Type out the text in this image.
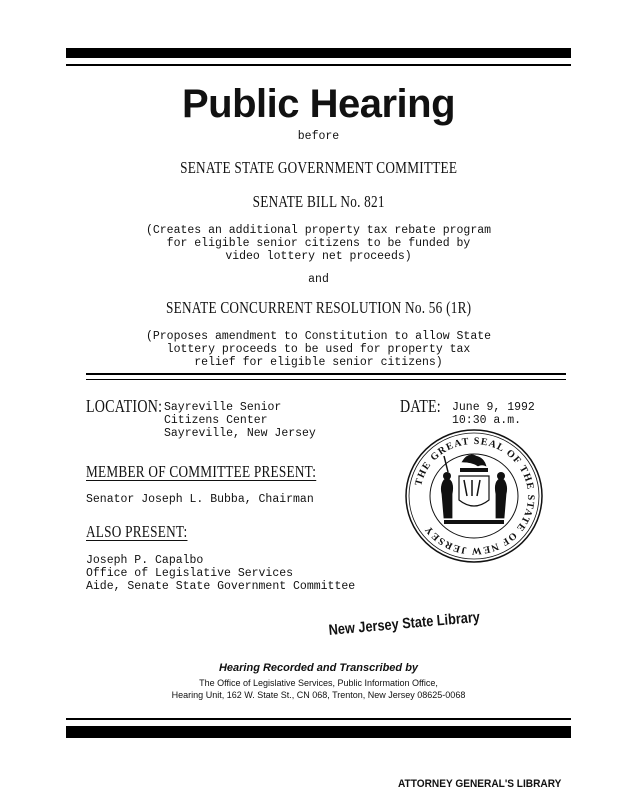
Public Hearing
before
SENATE STATE GOVERNMENT COMMITTEE
SENATE BILL No. 821
(Creates an additional property tax rebate program
for eligible senior citizens to be funded by
video lottery net proceeds)
and
SENATE CONCURRENT RESOLUTION No. 56 (1R)
(Proposes amendment to Constitution to allow State
lottery proceeds to be used for property tax
relief for eligible senior citizens)
LOCATION: Sayreville Senior
Citizens Center
Sayreville, New Jersey
DATE: June 9, 1992
10:30 a.m.
MEMBER OF COMMITTEE PRESENT:
Senator Joseph L. Bubba, Chairman
ALSO PRESENT:
Joseph P. Capalbo
Office of Legislative Services
Aide, Senate State Government Committee
THE GREAT SEAL OF THE STATE OF NEW JERSEY
New Jersey State Library
Hearing Recorded and Transcribed by
The Office of Legislative Services, Public Information Office,
Hearing Unit, 162 W. State St., CN 068, Trenton, New Jersey 08625-0068
ATTORNEY GENERAL'S LIBRARY
